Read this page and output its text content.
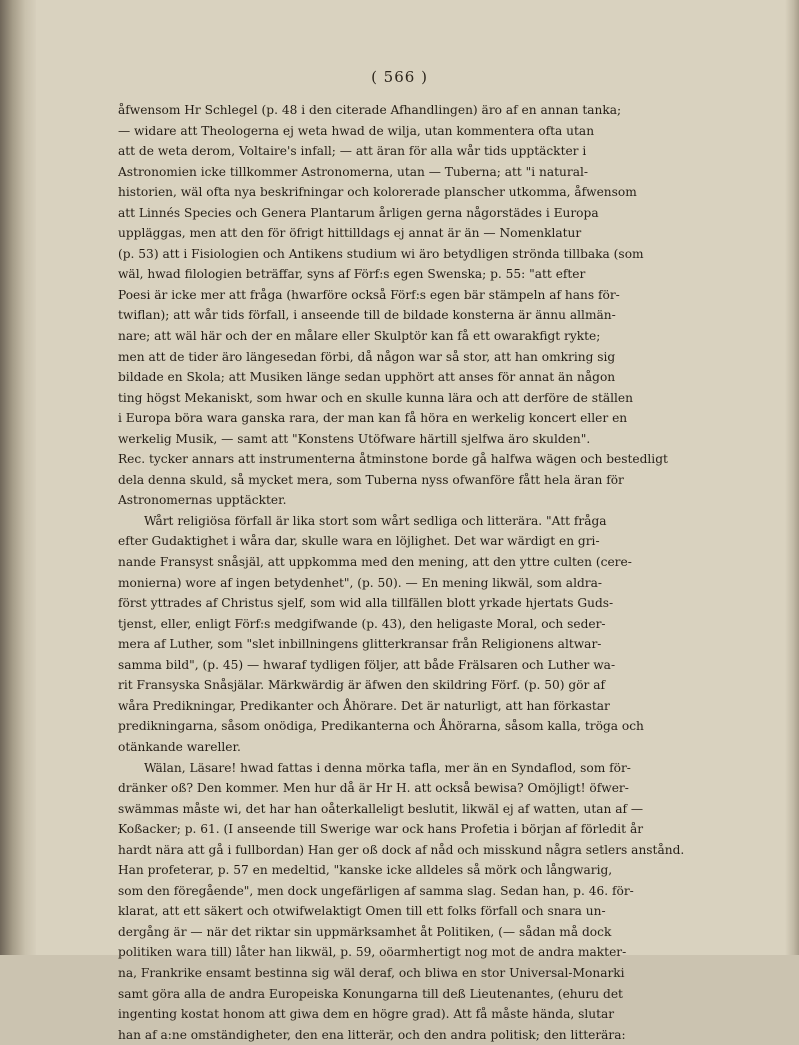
( 566 )
åfwensom Hr Schlegel (p. 48 i den citerade Afhandlingen) äro af en annan tanka;
— widare att Theologerna ej weta hwad de wilja, utan kommentera ofta utan
att de weta derom, Voltaire's infall; — att äran för alla wår tids upptäckter i
Astronomien icke tillkommer Astronomerna, utan — Tuberna; att "i natural-
historien, wäl ofta nya beskrifningar och kolorerade planscher utkomma, åfwensom
att Linnés Species och Genera Plantarum årligen gerna någorstädes i Europa
uppläggas, men att den för öfrigt hittilldags ej annat är än — Nomenklatur
(p. 53) att i Fisiologien och Antikens studium wi äro betydligen strönda tillbaka (som
wäl, hwad filologien beträffar, syns af Förf:s egen Swenska; p. 55: "att efter
Poesi är icke mer att fråga (hwarföre också Förf:s egen bär stämpeln af hans för-
twiflan); att wår tids förfall, i anseende till de bildade konsterna är ännu allmän-
nare; att wäl här och der en målare eller Skulptör kan få ett owarakfigt rykte;
men att de tider äro längesedan förbi, då någon war så stor, att han omkring sig
bildade en Skola; att Musiken länge sedan upphört att anses för annat än någon
ting högst Mekaniskt, som hwar och en skulle kunna lära och att derföre de ställen
i Europa böra wara ganska rara, der man kan få höra en werkelig koncert eller en
werkelig Musik, — samt att "Konstens Utöfware härtill sjelfwa äro skulden".
Rec. tycker annars att instrumenterna åtminstone borde gå halfwa wägen och bestedligt
dela denna skuld, så mycket mera, som Tuberna nyss ofwanföre fått hela äran för
Astronomernas upptäckter.
Wårt religiösa förfall är lika stort som wårt sedliga och litterära. "Att fråga
efter Gudaktighet i wåra dar, skulle wara en löjlighet. Det war wärdigt en gri-
nande Fransyst snåsjäl, att uppkomma med den mening, att den yttre culten (cere-
monierna) wore af ingen betydenhet", (p. 50). — En mening likwäl, som aldra-
först yttrades af Christus sjelf, som wid alla tillfällen blott yrkade hjertats Guds-
tjenst, eller, enligt Förf:s medgifwande (p. 43), den heligaste Moral, och seder-
mera af Luther, som "slet inbillningens glitterkransar från Religionens altwar-
samma bild", (p. 45) — hwaraf tydligen följer, att både Frälsaren och Luther wa-
rit Fransyska Snåsjälar. Märkwärdig är äfwen den skildring Förf. (p. 50) gör af
wåra Predikningar, Predikanter och Åhörare. Det är naturligt, att han förkastar
predikningarna, såsom onödiga, Predikanterna och Åhörarna, såsom kalla, tröga och
otänkande wareller.
Wälan, Läsare! hwad fattas i denna mörka tafla, mer än en Syndaflod, som för-
dränker oß? Den kommer. Men hur då är Hr H. att också bewisa? Omöjligt! öfwer-
swämmas måste wi, det har han oåterkalleligt beslutit, likwäl ej af watten, utan af —
Koßacker; p. 61. (I anseende till Swerige war ock hans Profetia i början af förledit år
hardt nära att gå i fullbordan) Han ger oß dock af nåd och misskund några setlers anstånd.
Han profeterar, p. 57 en medeltid, "kanske icke alldeles så mörk och långwarig,
som den föregående", men dock ungefärligen af samma slag. Sedan han, p. 46. för-
klarat, att ett säkert och otwifwelaktigt Omen till ett folks förfall och snara un-
dergång är — när det riktar sin uppmärksamhet åt Politiken, (— sådan må dock
politiken wara till) låter han likwäl, p. 59, oöarmhertigt nog mot de andra makter-
na, Frankrike ensamt bestinna sig wäl deraf, och bliwa en stor Universal-Monarki
samt göra alla de andra Europeiska Konungarna till deß Lieutenantes, (ehuru det
ingenting kostat honom att giwa dem en högre grad). Att få måste hända, slutar
han af a:ne omständigheter, den ena litterär, och den andra politisk; den litterära:
